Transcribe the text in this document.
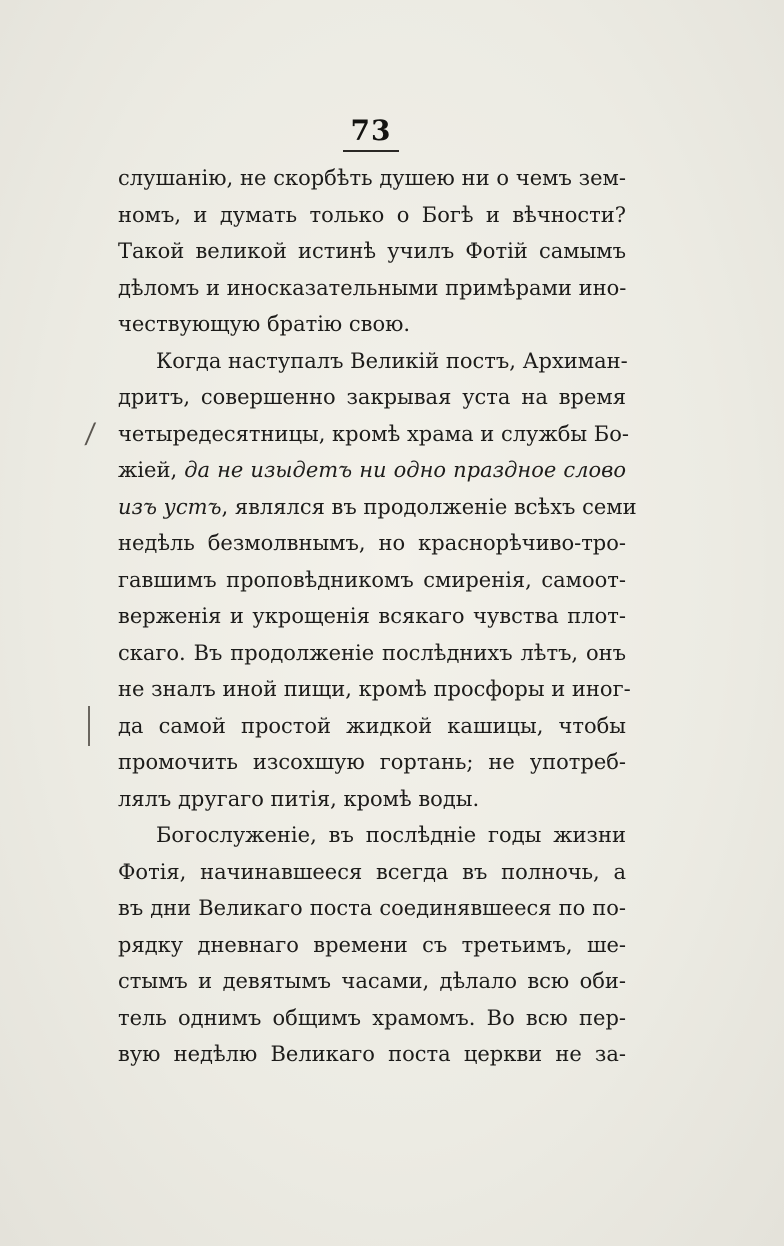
73
⁄
слушанію, не скорбѣть душею ни о чемъ зем-
номъ, и думать только о Богѣ и вѣчности?
Такой великой истинѣ училъ Фотій самымъ
дѣломъ и иносказательными примѣрами ино-
чествующую братію свою.
Когда наступалъ Великій постъ, Архиман-
дритъ, совершенно закрывая уста на время
четыредесятницы, кромѣ храма и службы Бо-
жіей, да не изыдетъ ни одно праздное слово
изъ устъ, являлся въ продолженіе всѣхъ семи
недѣль безмолвнымъ, но краснорѣчиво-тро-
гавшимъ проповѣдникомъ смиренія, самоот-
верженія и укрощенія всякаго чувства плот-
скаго. Въ продолженіе послѣднихъ лѣтъ, онъ
не зналъ иной пищи, кромѣ просфоры и иног-
да самой простой жидкой кашицы, чтобы
промочить изсохшую гортань; не употреб-
лялъ другаго питія, кромѣ воды.
Богослуженіе, въ послѣдніе годы жизни
Фотія, начинавшееся всегда въ полночь, а
въ дни Великаго поста соединявшееся по по-
рядку дневнаго времени съ третьимъ, ше-
стымъ и девятымъ часами, дѣлало всю оби-
тель однимъ общимъ храмомъ. Во всю пер-
вую недѣлю Великаго поста церкви не за-
